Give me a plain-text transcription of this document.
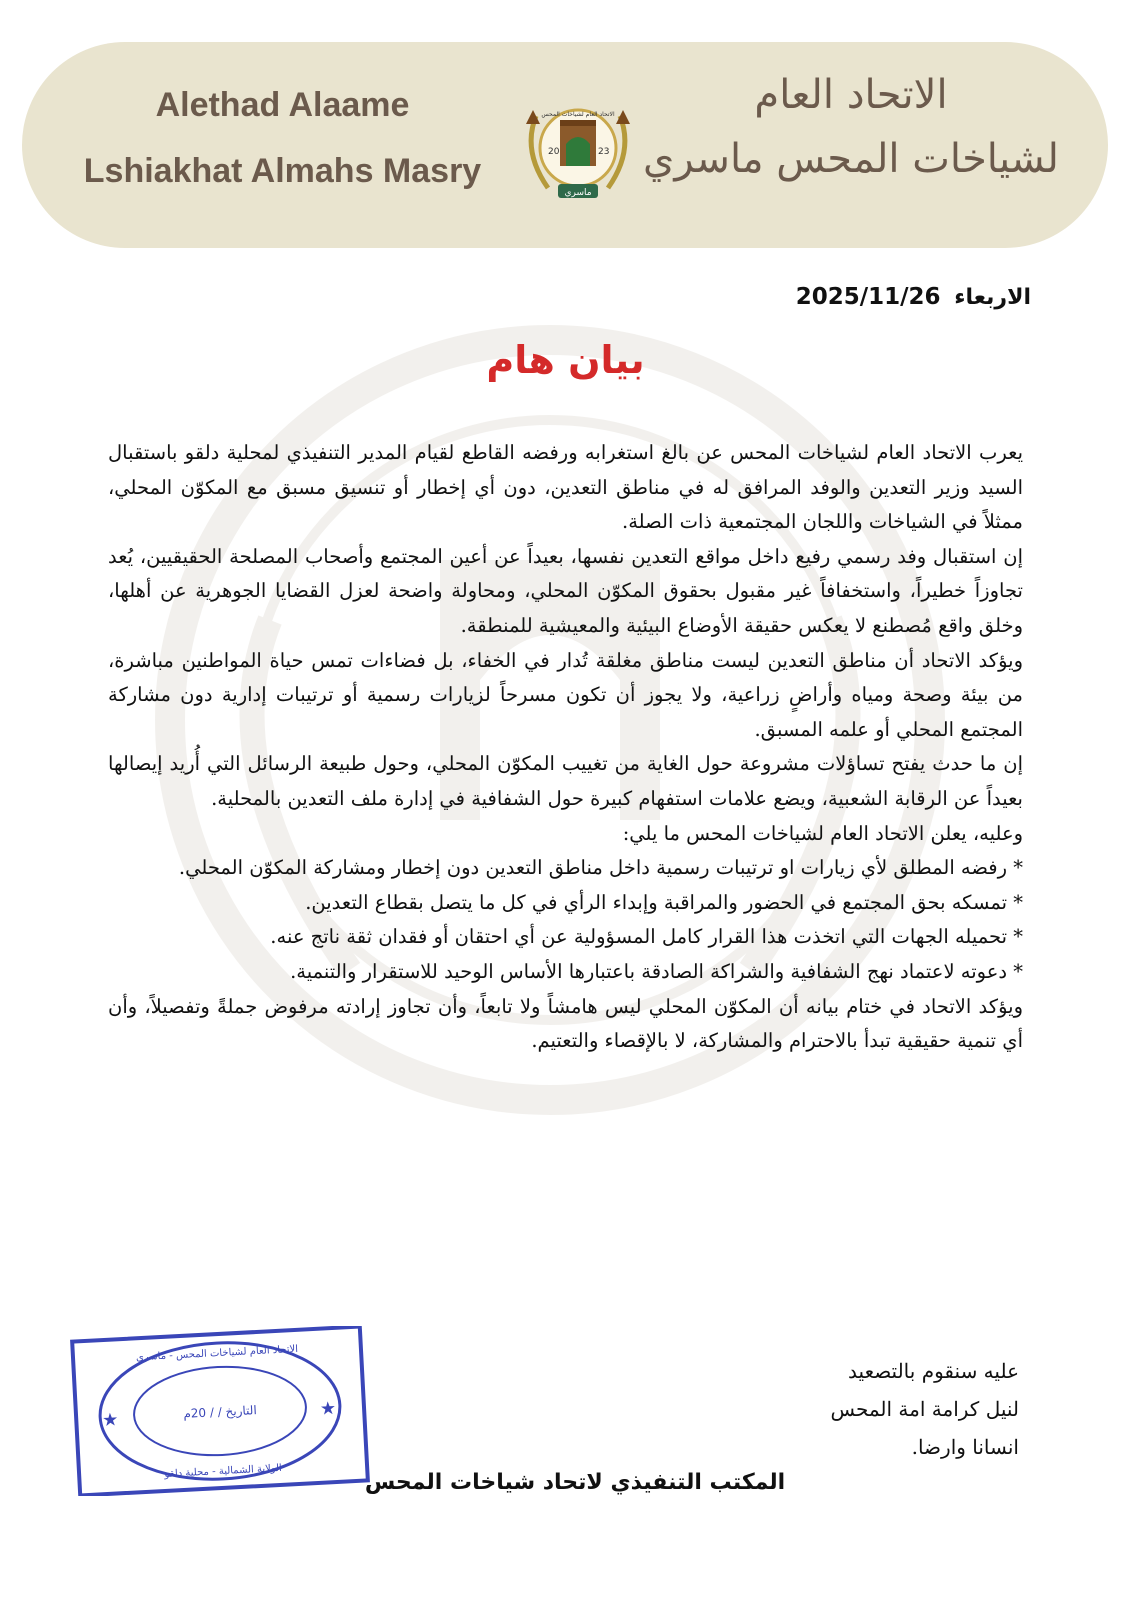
Alethad Alaame
Lshiakhat Almahs Masry
الاتحاد العام
لشياخات المحس ماسري
20	23
الاتحاد العام لشياخات المحس
ماسري
الاربعاء 2025/11/26
بيان هام

يعرب الاتحاد العام لشياخات المحس عن بالغ استغرابه ورفضه القاطع لقيام المدير التنفيذي لمحلية دلقو باستقبال السيد وزير التعدين والوفد المرافق له في مناطق التعدين، دون أي إخطار أو تنسيق مسبق مع المكوّن المحلي، ممثلاً في الشياخات واللجان المجتمعية ذات الصلة.

إن استقبال وفد رسمي رفيع داخل مواقع التعدين نفسها، بعيداً عن أعين المجتمع وأصحاب المصلحة الحقيقيين، يُعد تجاوزاً خطيراً، واستخفافاً غير مقبول بحقوق المكوّن المحلي، ومحاولة واضحة لعزل القضايا الجوهرية عن أهلها، وخلق واقع مُصطنع لا يعكس حقيقة الأوضاع البيئية والمعيشية للمنطقة.

ويؤكد الاتحاد أن مناطق التعدين ليست مناطق مغلقة تُدار في الخفاء، بل فضاءات تمس حياة المواطنين مباشرة، من بيئة وصحة ومياه وأراضٍ زراعية، ولا يجوز أن تكون مسرحاً لزيارات رسمية أو ترتيبات إدارية دون مشاركة المجتمع المحلي أو علمه المسبق.

إن ما حدث يفتح تساؤلات مشروعة حول الغاية من تغييب المكوّن المحلي، وحول طبيعة الرسائل التي أُريد إيصالها بعيداً عن الرقابة الشعبية، ويضع علامات استفهام كبيرة حول الشفافية في إدارة ملف التعدين بالمحلية.

وعليه، يعلن الاتحاد العام لشياخات المحس ما يلي:

* رفضه المطلق لأي زيارات او ترتيبات رسمية داخل مناطق التعدين دون إخطار ومشاركة المكوّن المحلي.
* تمسكه بحق المجتمع في الحضور والمراقبة وإبداء الرأي في كل ما يتصل بقطاع التعدين.
* تحميله الجهات التي اتخذت هذا القرار كامل المسؤولية عن أي احتقان أو فقدان ثقة ناتج عنه.
* دعوته لاعتماد نهج الشفافية والشراكة الصادقة باعتبارها الأساس الوحيد للاستقرار والتنمية.

ويؤكد الاتحاد في ختام بيانه أن المكوّن المحلي ليس هامشاً ولا تابعاً، وأن تجاوز إرادته مرفوض جملةً وتفصيلاً، وأن أي تنمية حقيقية تبدأ بالاحترام والمشاركة، لا بالإقصاء والتعتيم.

عليه سنقوم بالتصعيد
لنيل كرامة امة المحس
انسانا وارضا.
المكتب التنفيذي لاتحاد شياخات المحس
الاتحاد العام لشياخات المحس - ماسري
التاريخ / / 20م
الولاية الشمالية - محلية دلقو
★
★
